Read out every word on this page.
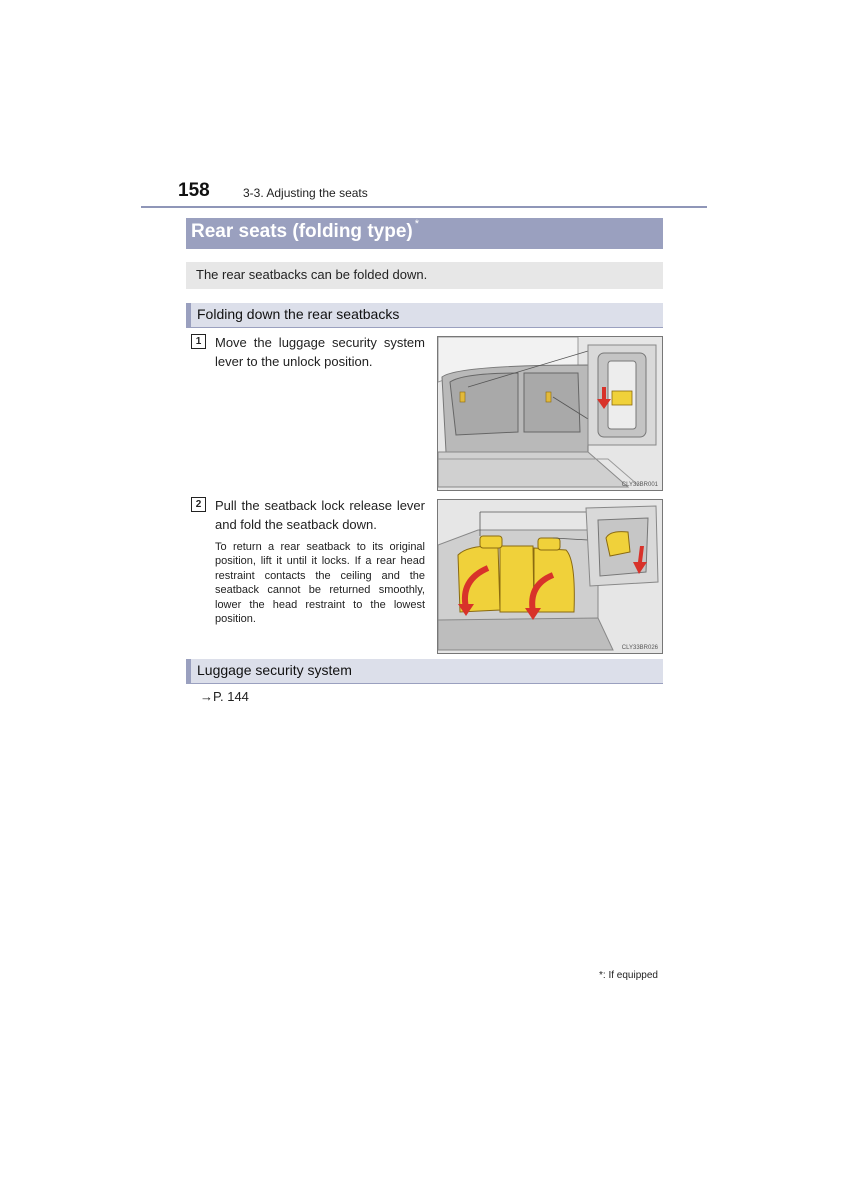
158	3-3. Adjusting the seats
Rear seats (folding type) *
The rear seatbacks can be folded down.
Folding down the rear seatbacks
1	Move the luggage security system lever to the unlock position.
CLY33BR001
2	Pull the seatback lock release lever and fold the seatback down.
To return a rear seatback to its original position, lift it until it locks. If a rear head restraint contacts the ceiling and the seatback cannot be returned smoothly, lower the head restraint to the lowest position.
CLY33BR026
Luggage security system
→P. 144
*: If equipped
